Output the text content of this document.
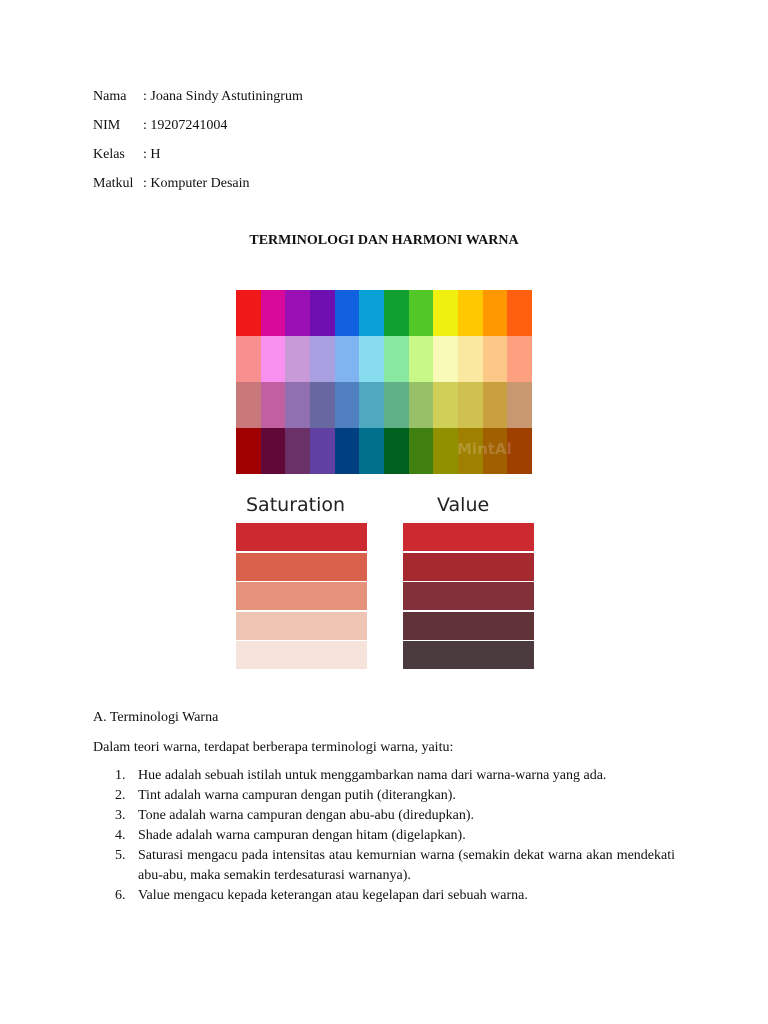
Nama : Joana Sindy Astutiningrum
NIM : 19207241004
Kelas : H
Matkul : Komputer Desain
TERMINOLOGI DAN HARMONI WARNA
Hues
Tints
(+white)
Tones
(+gray)
Shades
(+black)
MintAl
Saturation	Value
A. Terminologi Warna
Dalam teori warna, terdapat berberapa terminologi warna, yaitu:
1. Hue adalah sebuah istilah untuk menggambarkan nama dari warna-warna yang ada.
2. Tint adalah warna campuran dengan putih (diterangkan).
3. Tone adalah warna campuran dengan abu-abu (diredupkan).
4. Shade adalah warna campuran dengan hitam (digelapkan).
5. Saturasi mengacu pada intensitas atau kemurnian warna (semakin dekat warna akan mendekati abu-abu, maka semakin terdesaturasi warnanya).
6. Value mengacu kepada keterangan atau kegelapan dari sebuah warna.
